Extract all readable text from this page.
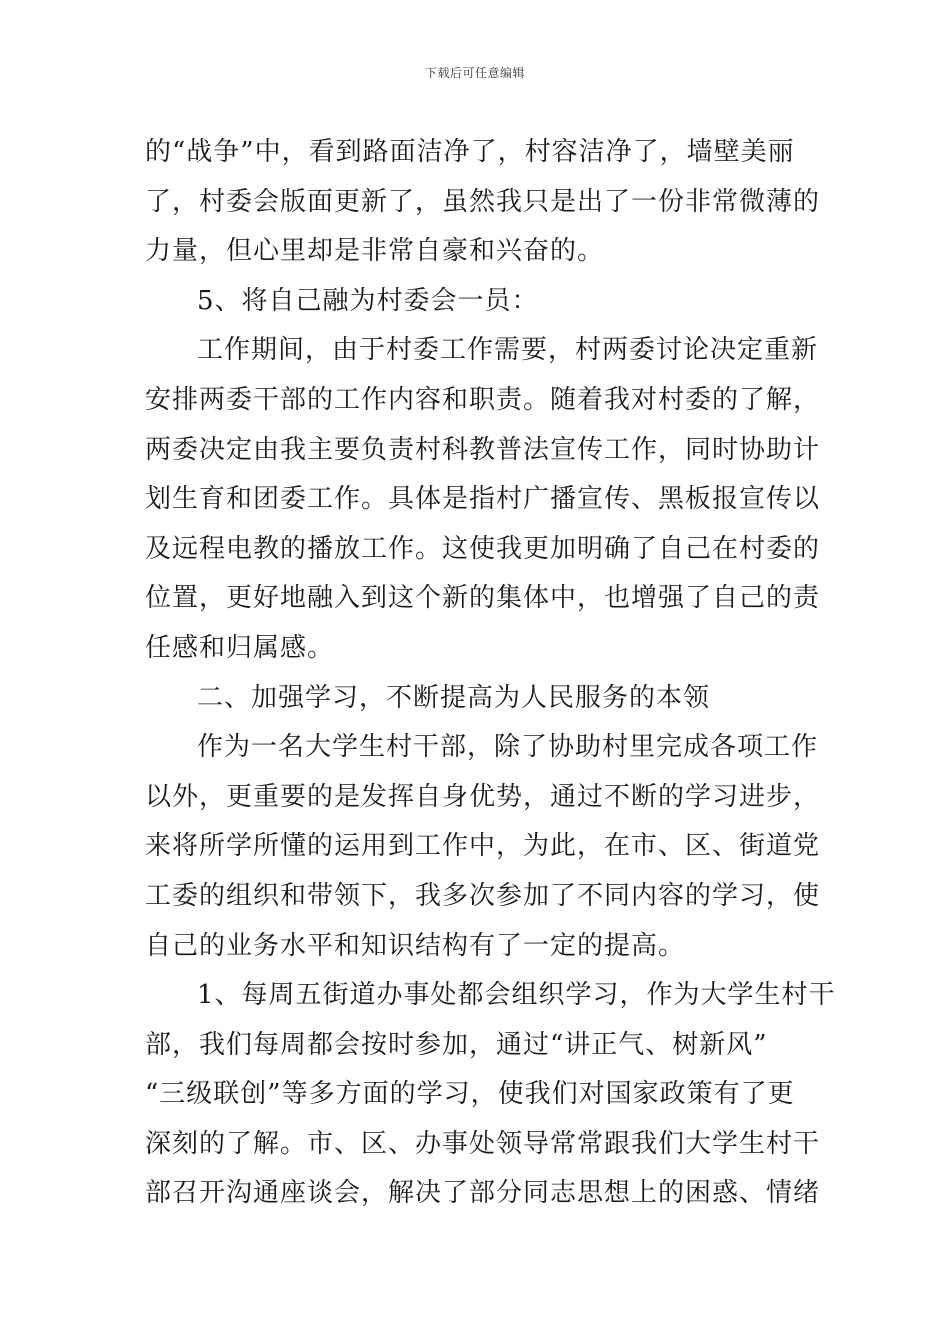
下载后可任意编辑
的“战争”中，看到路面洁净了，村容洁净了，墙壁美丽
了，村委会版面更新了，虽然我只是出了一份非常微薄的
力量，但心里却是非常自豪和兴奋的。
5、将自己融为村委会一员：
工作期间，由于村委工作需要，村两委讨论决定重新
安排两委干部的工作内容和职责。随着我对村委的了解，
两委决定由我主要负责村科教普法宣传工作，同时协助计
划生育和团委工作。具体是指村广播宣传、黑板报宣传以
及远程电教的播放工作。这使我更加明确了自己在村委的
位置，更好地融入到这个新的集体中，也增强了自己的责
任感和归属感。
二、加强学习，不断提高为人民服务的本领
作为一名大学生村干部，除了协助村里完成各项工作
以外，更重要的是发挥自身优势，通过不断的学习进步，
来将所学所懂的运用到工作中，为此，在市、区、街道党
工委的组织和带领下，我多次参加了不同内容的学习，使
自己的业务水平和知识结构有了一定的提高。
1、每周五街道办事处都会组织学习，作为大学生村干
部，我们每周都会按时参加，通过“讲正气、树新风”
“三级联创”等多方面的学习，使我们对国家政策有了更
深刻的了解。市、区、办事处领导常常跟我们大学生村干
部召开沟通座谈会，解决了部分同志思想上的困惑、情绪
